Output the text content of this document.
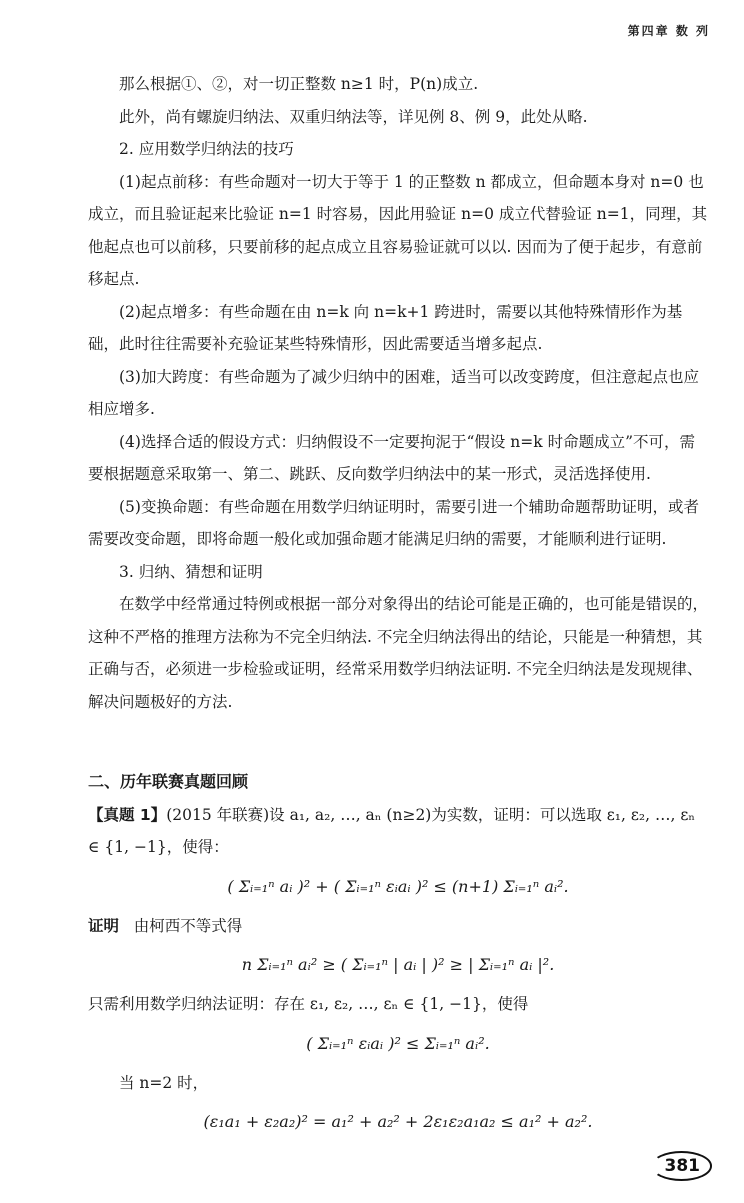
第四章 数 列

那么根据①、②，对一切正整数 n≥1 时，P(n)成立.

此外，尚有螺旋归纳法、双重归纳法等，详见例 8、例 9，此处从略.

2. 应用数学归纳法的技巧

(1)起点前移：有些命题对一切大于等于 1 的正整数 n 都成立，但命题本身对 n=0 也成立，而且验证起来比验证 n=1 时容易，因此用验证 n=0 成立代替验证 n=1，同理，其他起点也可以前移，只要前移的起点成立且容易验证就可以以. 因而为了便于起步，有意前移起点.

(2)起点增多：有些命题在由 n=k 向 n=k+1 跨进时，需要以其他特殊情形作为基础，此时往往需要补充验证某些特殊情形，因此需要适当增多起点.

(3)加大跨度：有些命题为了减少归纳中的困难，适当可以改变跨度，但注意起点也应相应增多.

(4)选择合适的假设方式：归纳假设不一定要拘泥于“假设 n=k 时命题成立”不可，需要根据题意采取第一、第二、跳跃、反向数学归纳法中的某一形式，灵活选择使用.

(5)变换命题：有些命题在用数学归纳证明时，需要引进一个辅助命题帮助证明，或者需要改变命题，即将命题一般化或加强命题才能满足归纳的需要，才能顺利进行证明.

3. 归纳、猜想和证明

在数学中经常通过特例或根据一部分对象得出的结论可能是正确的，也可能是错误的，这种不严格的推理方法称为不完全归纳法. 不完全归纳法得出的结论，只能是一种猜想，其正确与否，必须进一步检验或证明，经常采用数学归纳法证明. 不完全归纳法是发现规律、解决问题极好的方法.

二、历年联赛真题回顾

【真题 1】(2015 年联赛)设 a₁, a₂, …, aₙ (n≥2)为实数，证明：可以选取 ε₁, ε₂, …, εₙ ∈ {1, −1}，使得：

( Σᵢ₌₁ⁿ aᵢ )² + ( Σᵢ₌₁ⁿ εᵢaᵢ )² ≤ (n+1) Σᵢ₌₁ⁿ aᵢ².

证明 由柯西不等式得

n Σᵢ₌₁ⁿ aᵢ² ≥ ( Σᵢ₌₁ⁿ | aᵢ | )² ≥ | Σᵢ₌₁ⁿ aᵢ |².

只需利用数学归纳法证明：存在 ε₁, ε₂, …, εₙ ∈ {1, −1}，使得

( Σᵢ₌₁ⁿ εᵢaᵢ )² ≤ Σᵢ₌₁ⁿ aᵢ².

当 n=2 时，

(ε₁a₁ + ε₂a₂)² = a₁² + a₂² + 2ε₁ε₂a₁a₂ ≤ a₁² + a₂².
381
